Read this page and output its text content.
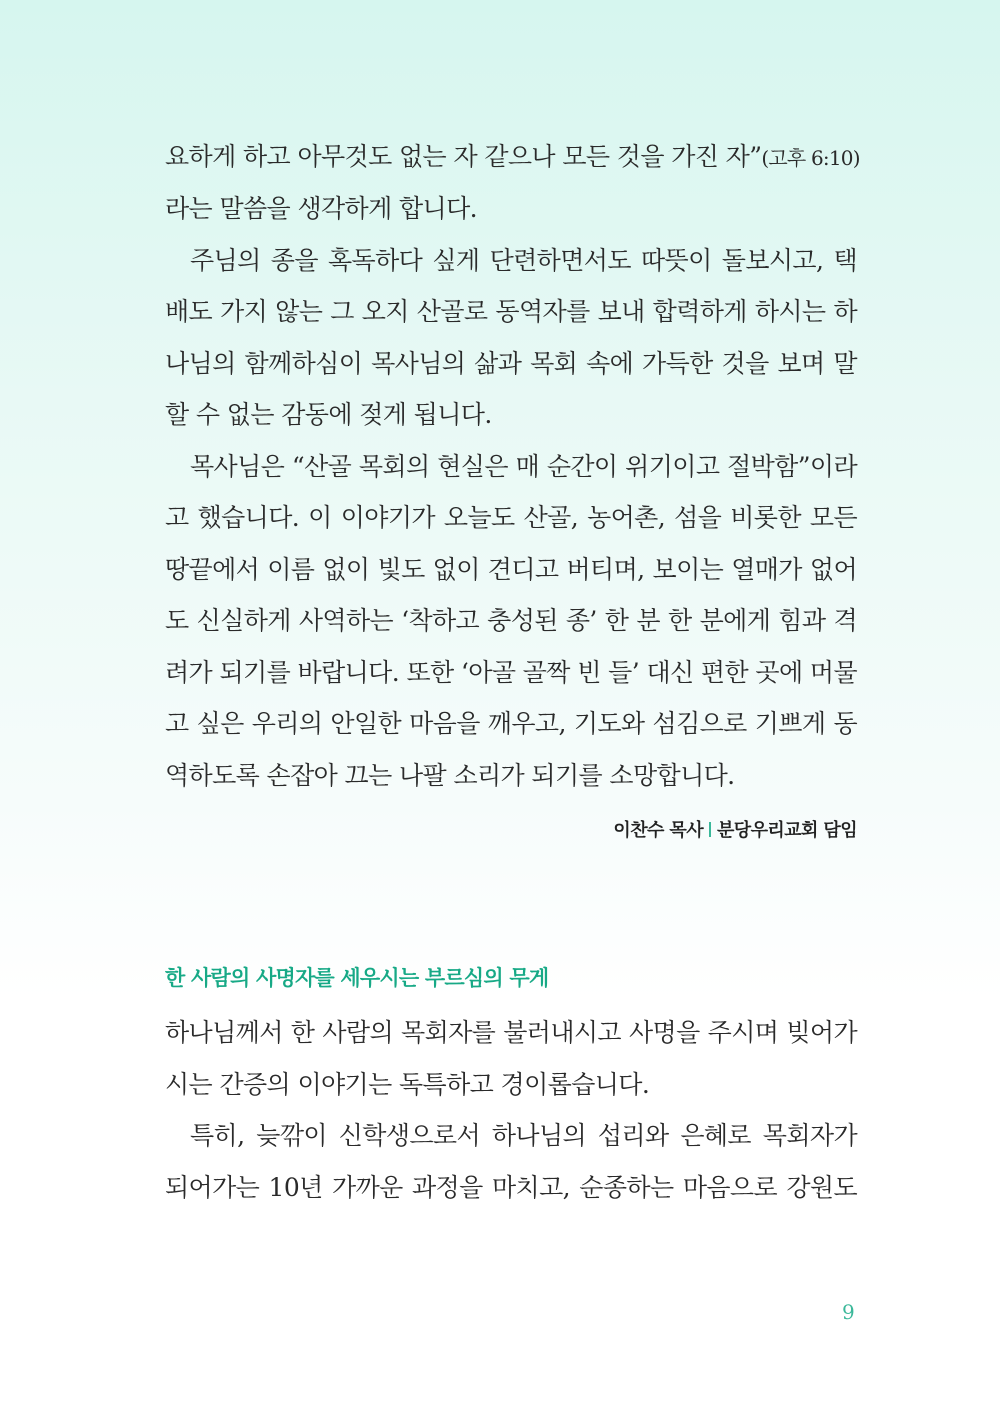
요하게 하고 아무것도 없는 자 같으나 모든 것을 가진 자”(고후 6:10)
라는 말씀을 생각하게 합니다.
주님의 종을 혹독하다 싶게 단련하면서도 따뜻이 돌보시고, 택
배도 가지 않는 그 오지 산골로 동역자를 보내 합력하게 하시는 하
나님의 함께하심이 목사님의 삶과 목회 속에 가득한 것을 보며 말
할 수 없는 감동에 젖게 됩니다.
목사님은 “산골 목회의 현실은 매 순간이 위기이고 절박함”이라
고 했습니다. 이 이야기가 오늘도 산골, 농어촌, 섬을 비롯한 모든
땅끝에서 이름 없이 빛도 없이 견디고 버티며, 보이는 열매가 없어
도 신실하게 사역하는 ‘착하고 충성된 종’ 한 분 한 분에게 힘과 격
려가 되기를 바랍니다. 또한 ‘아골 골짝 빈 들’ 대신 편한 곳에 머물
고 싶은 우리의 안일한 마음을 깨우고, 기도와 섬김으로 기쁘게 동
역하도록 손잡아 끄는 나팔 소리가 되기를 소망합니다.
이찬수 목사 분당우리교회 담임
한 사람의 사명자를 세우시는 부르심의 무게
하나님께서 한 사람의 목회자를 불러내시고 사명을 주시며 빚어가
시는 간증의 이야기는 독특하고 경이롭습니다.
특히, 늦깎이 신학생으로서 하나님의 섭리와 은혜로 목회자가
되어가는 10년 가까운 과정을 마치고, 순종하는 마음으로 강원도
9
